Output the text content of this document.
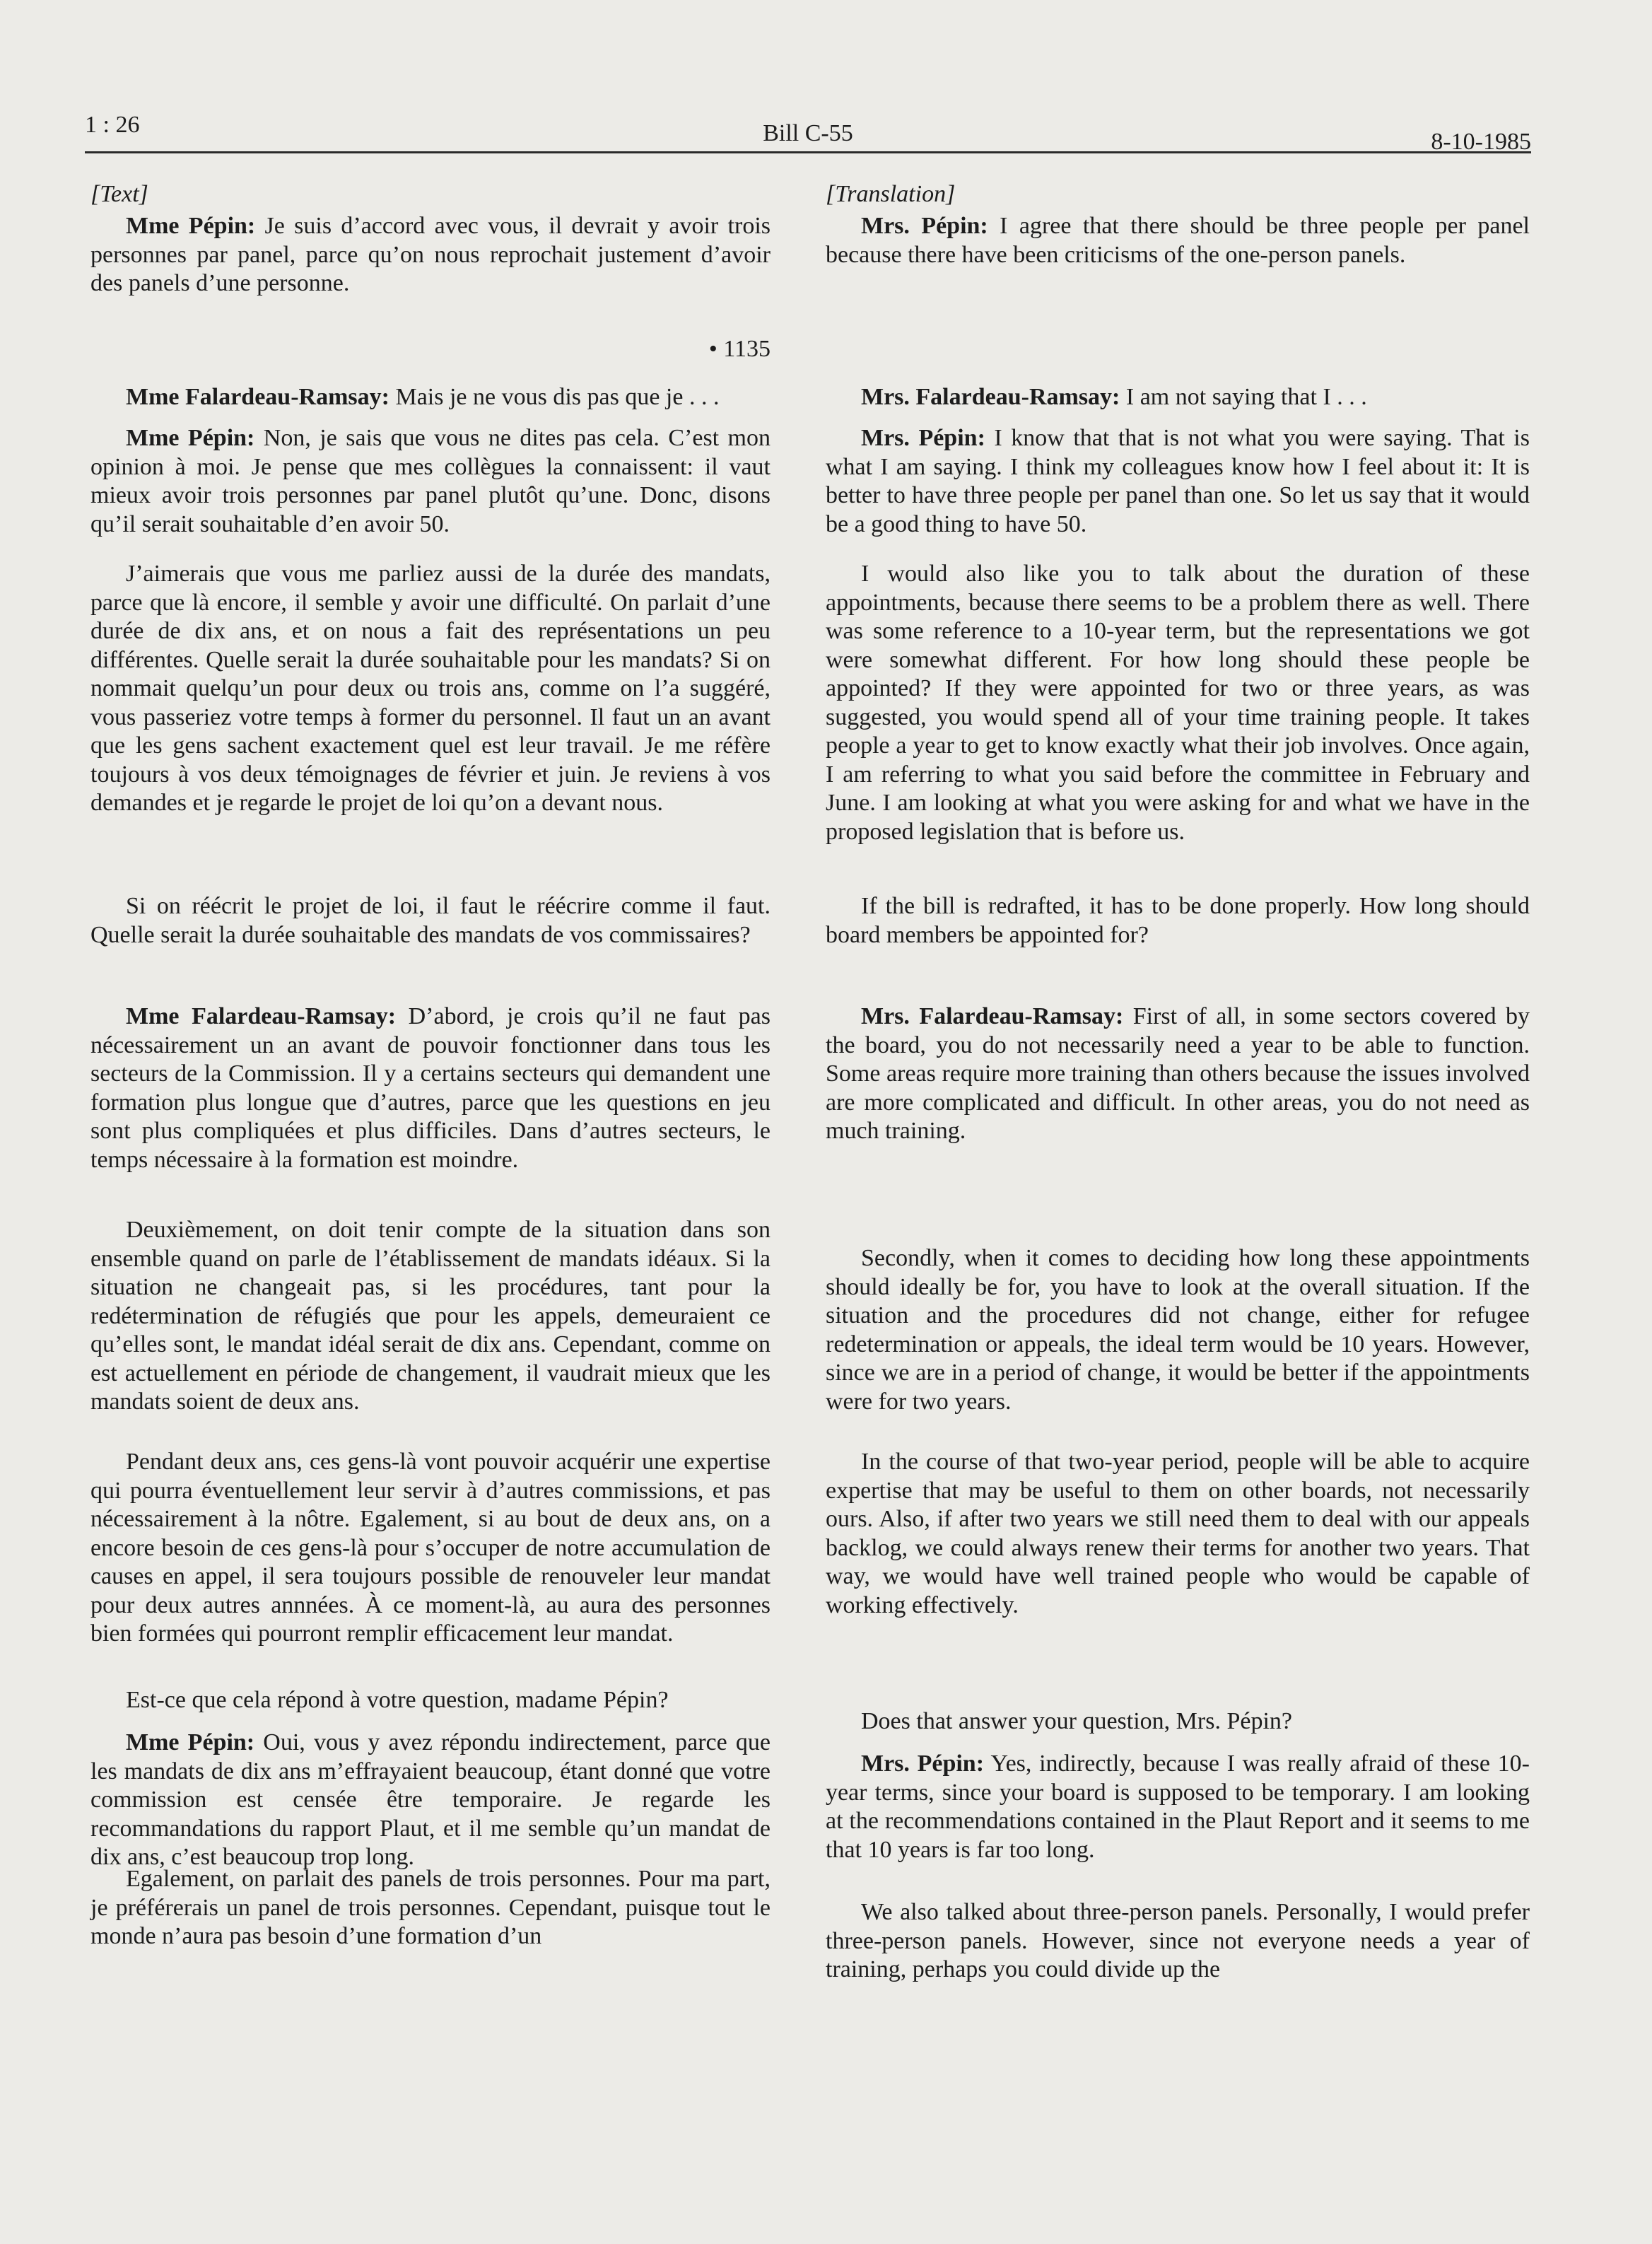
1 : 26	Bill C-55	8-10-1985
[Text]
• 1135

Mme Pépin: Je suis d’accord avec vous, il devrait y avoir trois personnes par panel, parce qu’on nous reprochait justement d’avoir des panels d’une personne.

Mme Falardeau-Ramsay: Mais je ne vous dis pas que je . . .

Mme Pépin: Non, je sais que vous ne dites pas cela. C’est mon opinion à moi. Je pense que mes collègues la connaissent: il vaut mieux avoir trois personnes par panel plutôt qu’une. Donc, disons qu’il serait souhaitable d’en avoir 50.

J’aimerais que vous me parliez aussi de la durée des mandats, parce que là encore, il semble y avoir une difficulté. On parlait d’une durée de dix ans, et on nous a fait des représentations un peu différentes. Quelle serait la durée souhaitable pour les mandats? Si on nommait quelqu’un pour deux ou trois ans, comme on l’a suggéré, vous passeriez votre temps à former du personnel. Il faut un an avant que les gens sachent exactement quel est leur travail. Je me réfère toujours à vos deux témoignages de février et juin. Je reviens à vos demandes et je regarde le projet de loi qu’on a devant nous.

Si on réécrit le projet de loi, il faut le réécrire comme il faut. Quelle serait la durée souhaitable des mandats de vos commissaires?

Mme Falardeau-Ramsay: D’abord, je crois qu’il ne faut pas nécessairement un an avant de pouvoir fonctionner dans tous les secteurs de la Commission. Il y a certains secteurs qui demandent une formation plus longue que d’autres, parce que les questions en jeu sont plus compliquées et plus difficiles. Dans d’autres secteurs, le temps nécessaire à la formation est moindre.

Deuxièmement, on doit tenir compte de la situation dans son ensemble quand on parle de l’établissement de mandats idéaux. Si la situation ne changeait pas, si les procédures, tant pour la redétermination de réfugiés que pour les appels, demeuraient ce qu’elles sont, le mandat idéal serait de dix ans. Cependant, comme on est actuellement en période de changement, il vaudrait mieux que les mandats soient de deux ans.

Pendant deux ans, ces gens-là vont pouvoir acquérir une expertise qui pourra éventuellement leur servir à d’autres commissions, et pas nécessairement à la nôtre. Egalement, si au bout de deux ans, on a encore besoin de ces gens-là pour s’occuper de notre accumulation de causes en appel, il sera toujours possible de renouveler leur mandat pour deux autres annnées. À ce moment-là, au aura des personnes bien formées qui pourront remplir efficacement leur mandat.

Est-ce que cela répond à votre question, madame Pépin?

Mme Pépin: Oui, vous y avez répondu indirectement, parce que les mandats de dix ans m’effrayaient beaucoup, étant donné que votre commission est censée être temporaire. Je regarde les recommandations du rapport Plaut, et il me semble qu’un mandat de dix ans, c’est beaucoup trop long.

Egalement, on parlait des panels de trois personnes. Pour ma part, je préférerais un panel de trois personnes. Cependant, puisque tout le monde n’aura pas besoin d’une formation d’un

[Translation]

Mrs. Pépin: I agree that there should be three people per panel because there have been criticisms of the one-person panels.

Mrs. Falardeau-Ramsay: I am not saying that I . . .

Mrs. Pépin: I know that that is not what you were saying. That is what I am saying. I think my colleagues know how I feel about it: It is better to have three people per panel than one. So let us say that it would be a good thing to have 50.

I would also like you to talk about the duration of these appointments, because there seems to be a problem there as well. There was some reference to a 10-year term, but the representations we got were somewhat different. For how long should these people be appointed? If they were appointed for two or three years, as was suggested, you would spend all of your time training people. It takes people a year to get to know exactly what their job involves. Once again, I am referring to what you said before the committee in February and June. I am looking at what you were asking for and what we have in the proposed legislation that is before us.

If the bill is redrafted, it has to be done properly. How long should board members be appointed for?

Mrs. Falardeau-Ramsay: First of all, in some sectors covered by the board, you do not necessarily need a year to be able to function. Some areas require more training than others because the issues involved are more complicated and difficult. In other areas, you do not need as much training.

Secondly, when it comes to deciding how long these appointments should ideally be for, you have to look at the overall situation. If the situation and the procedures did not change, either for refugee redetermination or appeals, the ideal term would be 10 years. However, since we are in a period of change, it would be better if the appointments were for two years.

In the course of that two-year period, people will be able to acquire expertise that may be useful to them on other boards, not necessarily ours. Also, if after two years we still need them to deal with our appeals backlog, we could always renew their terms for another two years. That way, we would have well trained people who would be capable of working effectively.

Does that answer your question, Mrs. Pépin?

Mrs. Pépin: Yes, indirectly, because I was really afraid of these 10-year terms, since your board is supposed to be temporary. I am looking at the recommendations contained in the Plaut Report and it seems to me that 10 years is far too long.

We also talked about three-person panels. Personally, I would prefer three-person panels. However, since not everyone needs a year of training, perhaps you could divide up the
